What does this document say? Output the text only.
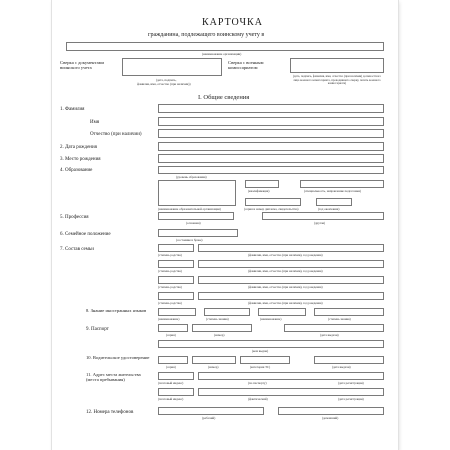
КАРТОЧКА
гражданина, подлежащего воинскому учету в
(наименование организации)
Сверка с документами воинского учета
(дата, подпись,
фамилия, имя, отчество (при наличии))
Сверка с военным комиссариатом
(дата, подпись, фамилия, имя, отчество (при наличии) должностного лица военного комиссариата, проводившего сверку, печать военного комиссариата)
I. Общие сведения
1. Фамилия
Имя
Отчество (при наличии)
2. Дата рождения
3. Место рождения
4. Образование
(уровень образования)
(наименование образовательной организации)
(квалификация)	(специальность, направление подготовки)
(серия и номер диплома, свидетельства)	(год окончания)
5. Профессия
(основная)	(другая)
6. Семейное положение
(состояние в браке)
7. Состав семьи
(степень родства)	(фамилия, имя, отчество (при наличии), год рождения)
(степень родства)	(фамилия, имя, отчество (при наличии), год рождения)
(степень родства)	(фамилия, имя, отчество (при наличии), год рождения)
(степень родства)	(фамилия, имя, отчество (при наличии), год рождения)
8. Знание иностранных языков
(наименование)	(степень знания)	(наименование)	(степень знания)
9. Паспорт
(серия)	(номер)	(дата выдачи)
(кем выдан)
10. Водительское удостоверение
(серия)	(номер)	(категория ТС)	(дата выдачи)
11. Адрес места жительства (места пребывания)
(почтовый индекс)	(по паспорту)	(дата регистрации)
(почтовый индекс)	(фактический)	(дата регистрации)
12. Номера телефонов
(рабочий)	(домашний)
